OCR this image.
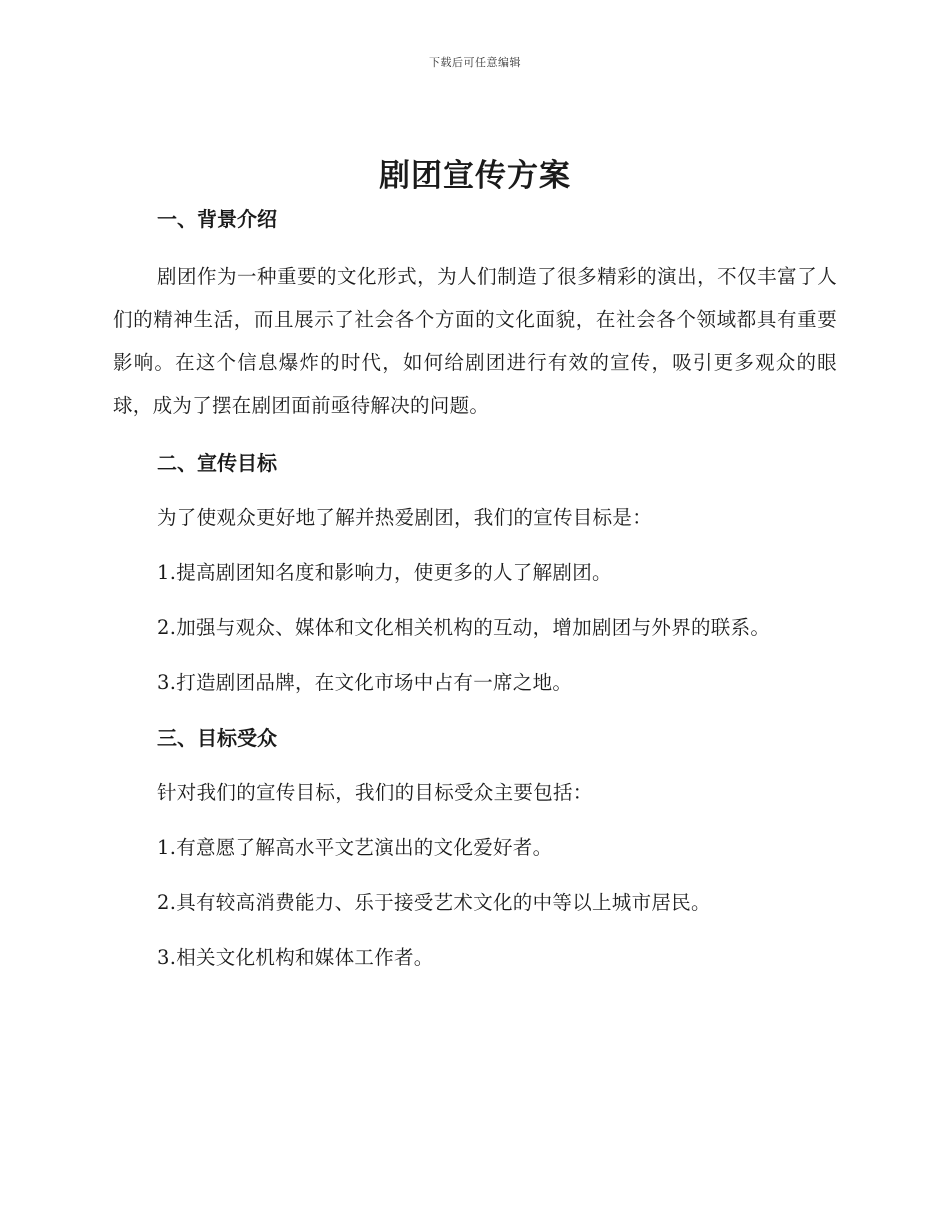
下载后可任意编辑
剧团宣传方案
一、背景介绍

剧团作为一种重要的文化形式，为人们制造了很多精彩的演出，不仅丰富了人们的精神生活，而且展示了社会各个方面的文化面貌，在社会各个领域都具有重要影响。在这个信息爆炸的时代，如何给剧团进行有效的宣传，吸引更多观众的眼球，成为了摆在剧团面前亟待解决的问题。

二、宣传目标

为了使观众更好地了解并热爱剧团，我们的宣传目标是：

1.提高剧团知名度和影响力，使更多的人了解剧团。

2.加强与观众、媒体和文化相关机构的互动，增加剧团与外界的联系。

3.打造剧团品牌，在文化市场中占有一席之地。

三、目标受众

针对我们的宣传目标，我们的目标受众主要包括：

1.有意愿了解高水平文艺演出的文化爱好者。

2.具有较高消费能力、乐于接受艺术文化的中等以上城市居民。

3.相关文化机构和媒体工作者。
